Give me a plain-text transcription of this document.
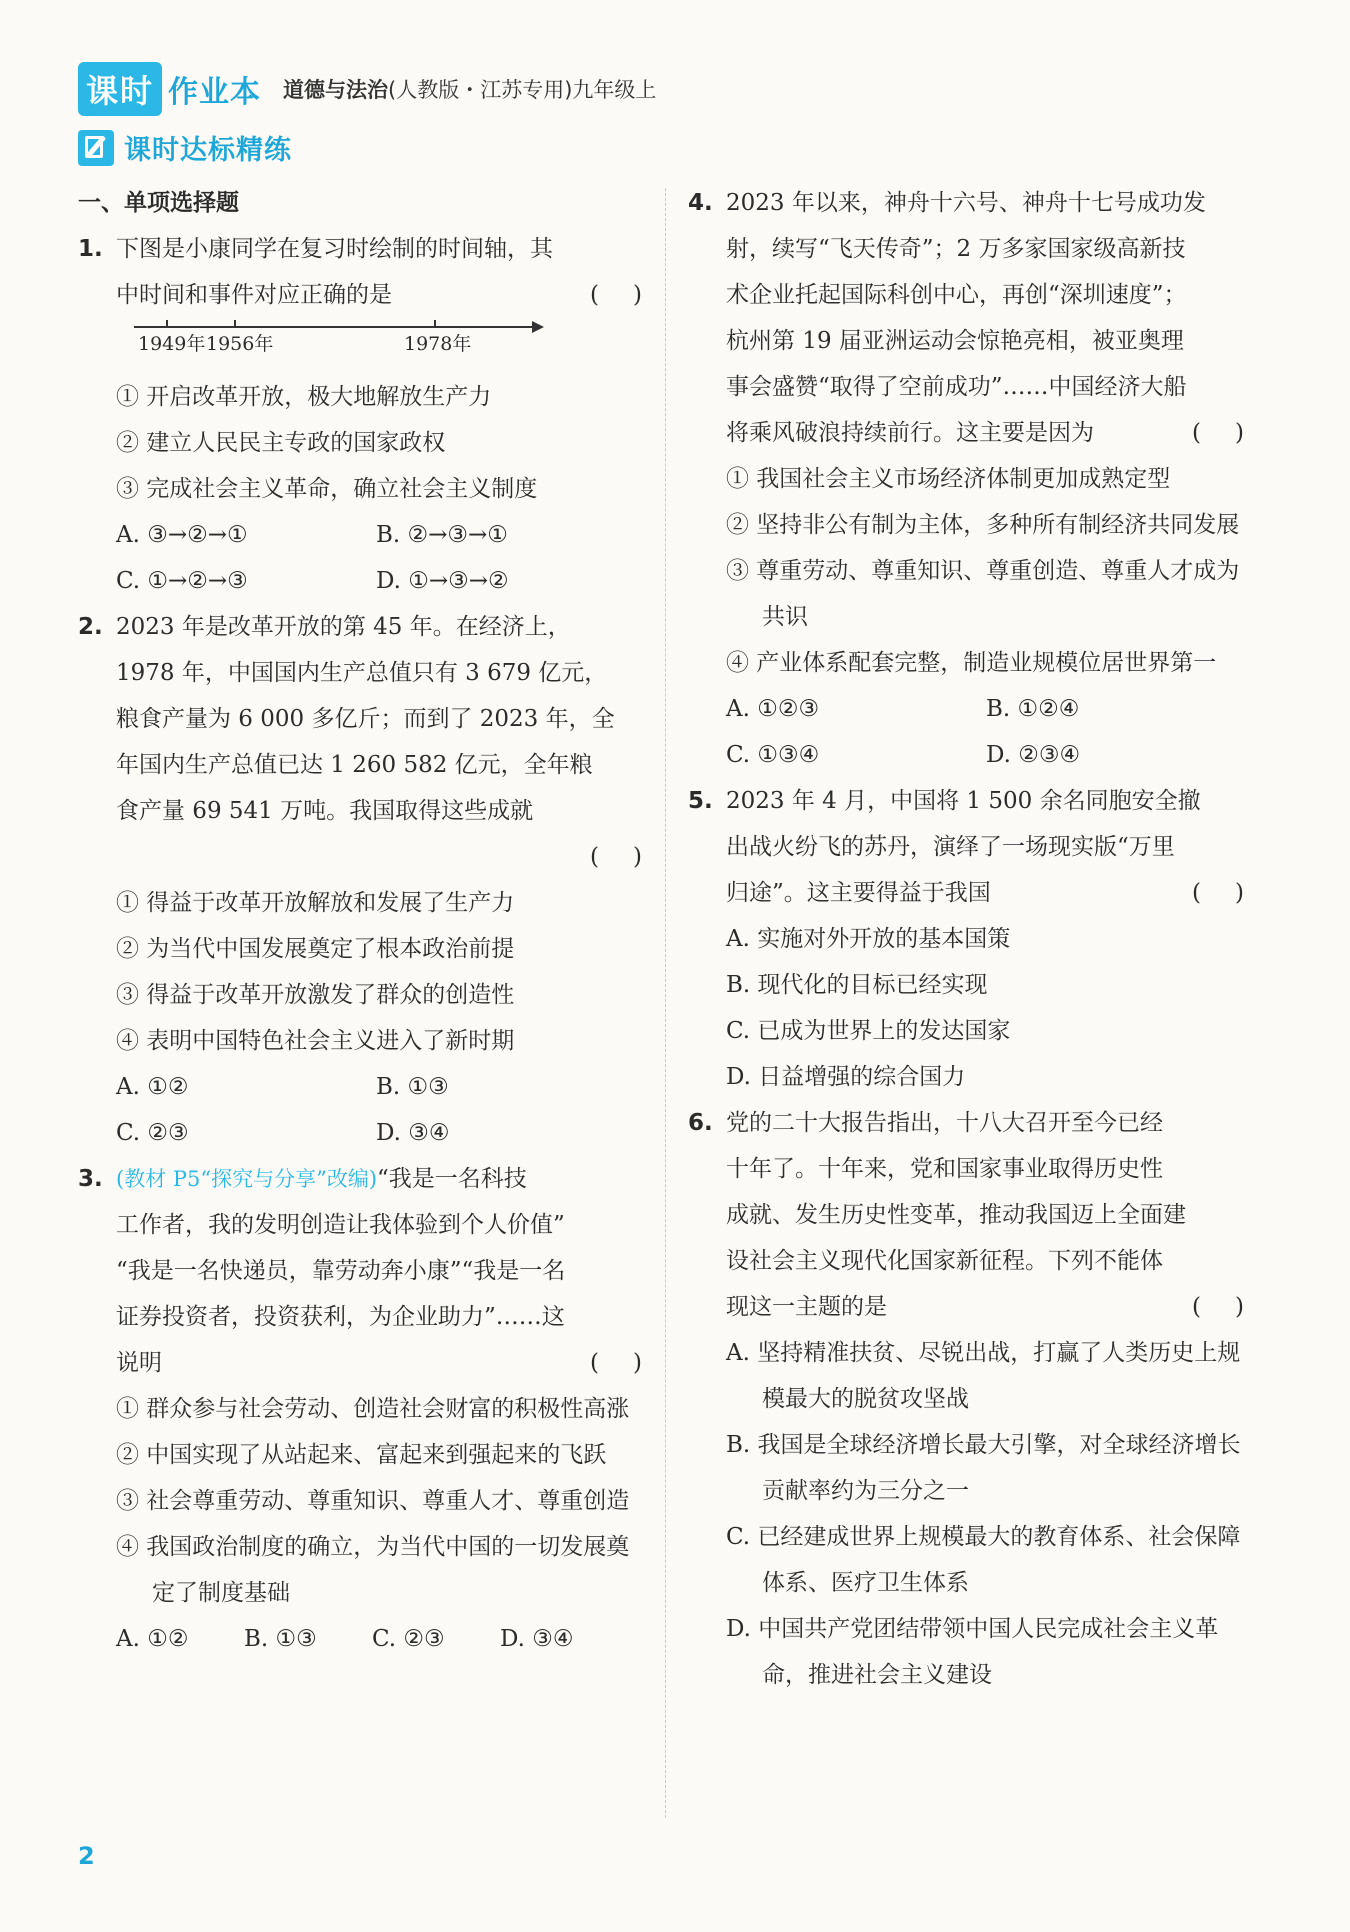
课时 作业本 道德与法治 (人教版・江苏专用)九年级上
课时达标精练
一、单项选择题
1. 下图是小康同学在复习时绘制的时间轴，其
中时间和事件对应正确的是	()
1949年 1956年	1978年
① 开启改革开放，极大地解放生产力
② 建立人民民主专政的国家政权
③ 完成社会主义革命，确立社会主义制度
A. ③→②→①	B. ②→③→①
C. ①→②→③	D. ①→③→②
2. 2023 年是改革开放的第 45 年。在经济上，
1978 年，中国国内生产总值只有 3 679 亿元，
粮食产量为 6 000 多亿斤；而到了 2023 年，全
年国内生产总值已达 1 260 582 亿元，全年粮
食产量 69 541 万吨。我国取得这些成就
()
① 得益于改革开放解放和发展了生产力
② 为当代中国发展奠定了根本政治前提
③ 得益于改革开放激发了群众的创造性
④ 表明中国特色社会主义进入了新时期
A. ①②	B. ①③
C. ②③	D. ③④
3. (教材 P5“探究与分享”改编)“我是一名科技
工作者，我的发明创造让我体验到个人价值”
“我是一名快递员，靠劳动奔小康”“我是一名
证券投资者，投资获利，为企业助力”……这
说明	()
① 群众参与社会劳动、创造社会财富的积极性高涨
② 中国实现了从站起来、富起来到强起来的飞跃
③ 社会尊重劳动、尊重知识、尊重人才、尊重创造
④ 我国政治制度的确立，为当代中国的一切发展奠定了制度基础
A. ①②	B. ①③	C. ②③	D. ③④
4. 2023 年以来，神舟十六号、神舟十七号成功发
射，续写“飞天传奇”；2 万多家国家级高新技
术企业托起国际科创中心，再创“深圳速度”；
杭州第 19 届亚洲运动会惊艳亮相，被亚奥理
事会盛赞“取得了空前成功”……中国经济大船
将乘风破浪持续前行。这主要是因为	()
① 我国社会主义市场经济体制更加成熟定型
② 坚持非公有制为主体，多种所有制经济共同发展
③ 尊重劳动、尊重知识、尊重创造、尊重人才成为共识
④ 产业体系配套完整，制造业规模位居世界第一
A. ①②③	B. ①②④
C. ①③④	D. ②③④
5. 2023 年 4 月，中国将 1 500 余名同胞安全撤
出战火纷飞的苏丹，演绎了一场现实版“万里
归途”。这主要得益于我国	()
A. 实施对外开放的基本国策
B. 现代化的目标已经实现
C. 已成为世界上的发达国家
D. 日益增强的综合国力
6. 党的二十大报告指出，十八大召开至今已经
十年了。十年来，党和国家事业取得历史性
成就、发生历史性变革，推动我国迈上全面建
设社会主义现代化国家新征程。下列不能体
现这一主题的是	()
A. 坚持精准扶贫、尽锐出战，打赢了人类历史上规模最大的脱贫攻坚战
B. 我国是全球经济增长最大引擎，对全球经济增长贡献率约为三分之一
C. 已经建成世界上规模最大的教育体系、社会保障体系、医疗卫生体系
D. 中国共产党团结带领中国人民完成社会主义革命，推进社会主义建设
2
